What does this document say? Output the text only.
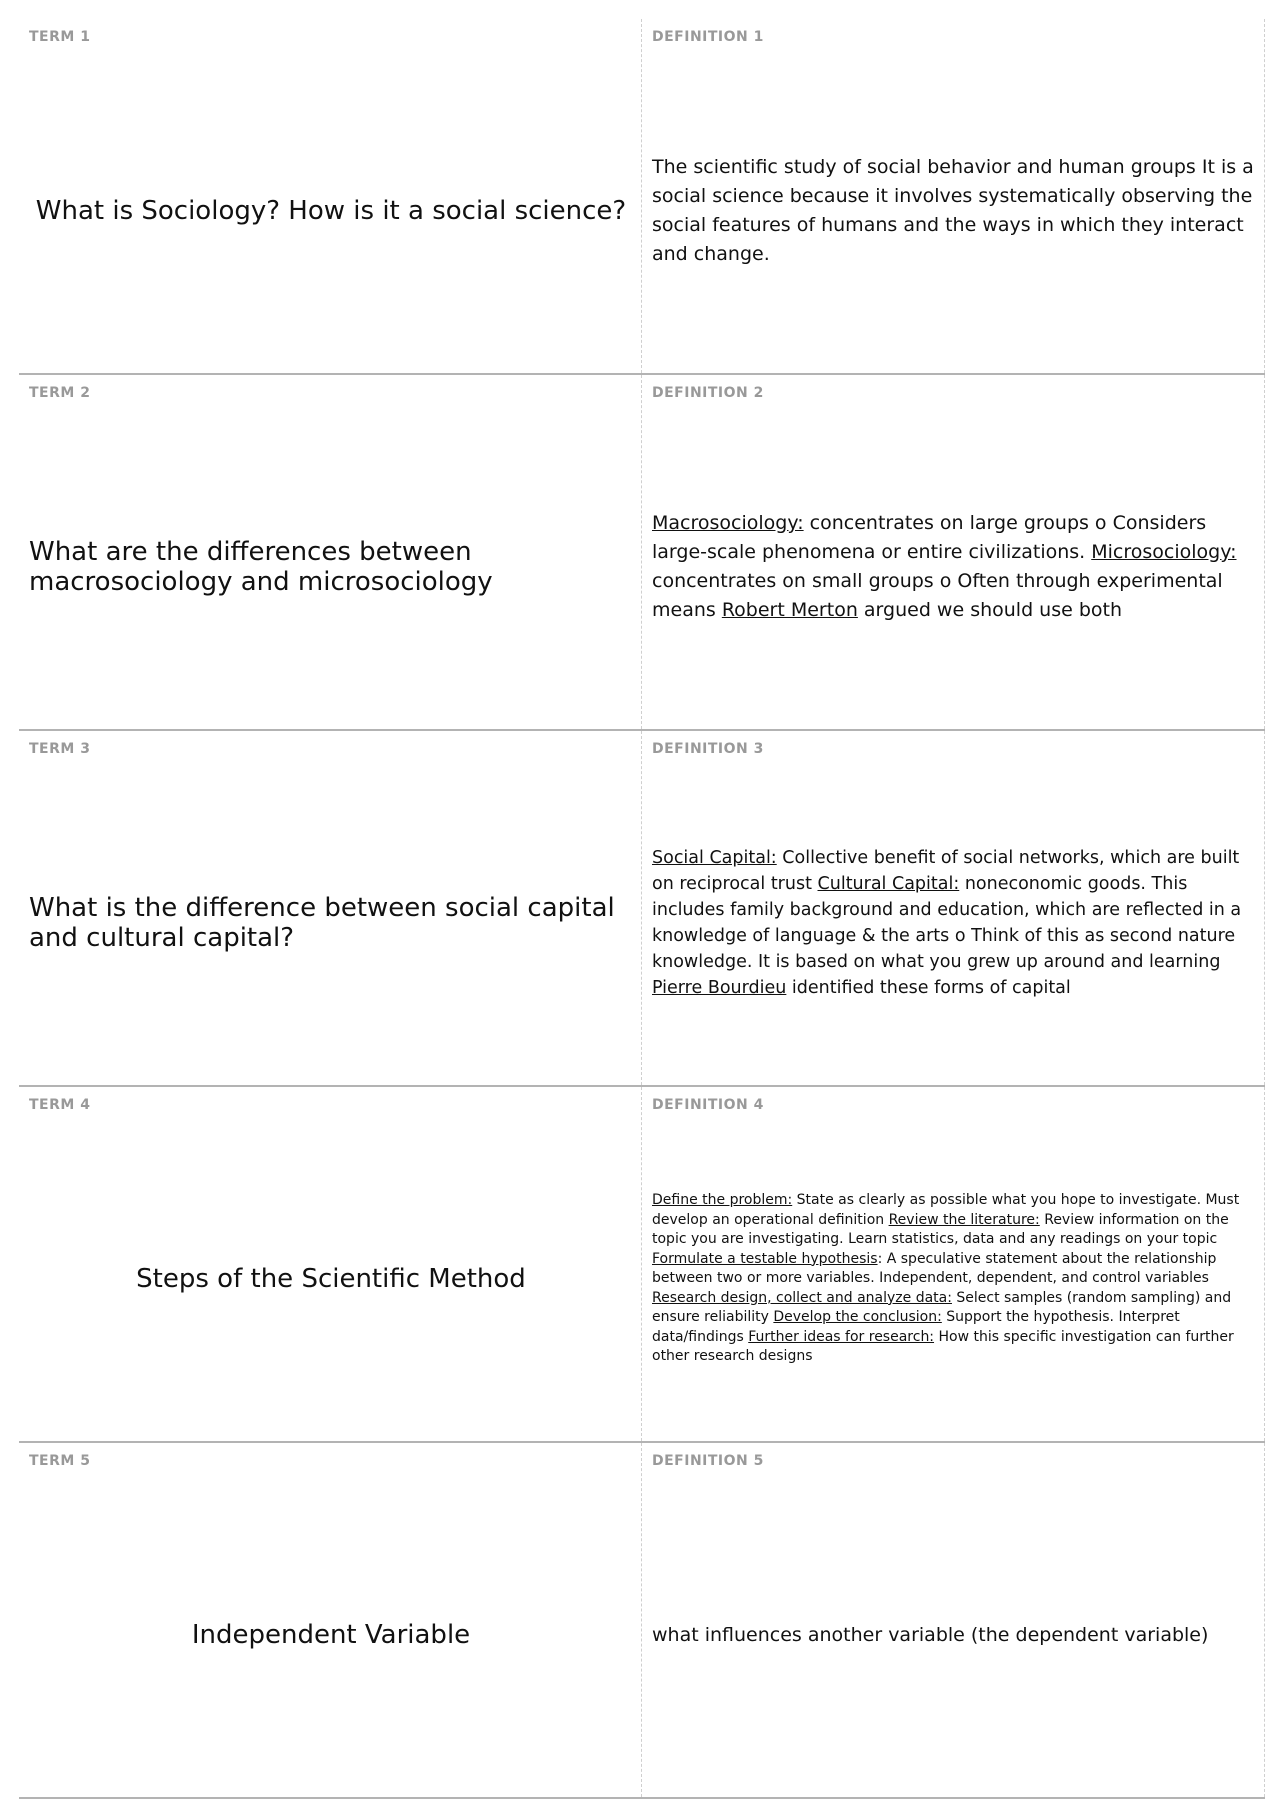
TERM 1
What is Sociology? How is it a social science?
DEFINITION 1
The scientific study of social behavior and human groups It is a social science because it involves systematically observing the social features of humans and the ways in which they interact and change.
TERM 2
What are the differences between macrosociology and microsociology
DEFINITION 2
Macrosociology: concentrates on large groups o Considers large-scale phenomena or entire civilizations. Microsociology: concentrates on small groups o Often through experimental means Robert Merton argued we should use both
TERM 3
What is the difference between social capital and cultural capital?
DEFINITION 3
Social Capital: Collective benefit of social networks, which are built on reciprocal trust Cultural Capital: noneconomic goods. This includes family background and education, which are reflected in a knowledge of language & the arts o Think of this as second nature knowledge. It is based on what you grew up around and learning Pierre Bourdieu identified these forms of capital
TERM 4
Steps of the Scientific Method
DEFINITION 4
Define the problem: State as clearly as possible what you hope to investigate. Must develop an operational definition Review the literature: Review information on the topic you are investigating. Learn statistics, data and any readings on your topic Formulate a testable hypothesis: A speculative statement about the relationship between two or more variables. Independent, dependent, and control variables Research design, collect and analyze data: Select samples (random sampling) and ensure reliability Develop the conclusion: Support the hypothesis. Interpret data/findings Further ideas for research: How this specific investigation can further other research designs
TERM 5
Independent Variable
DEFINITION 5
what influences another variable (the dependent variable)
